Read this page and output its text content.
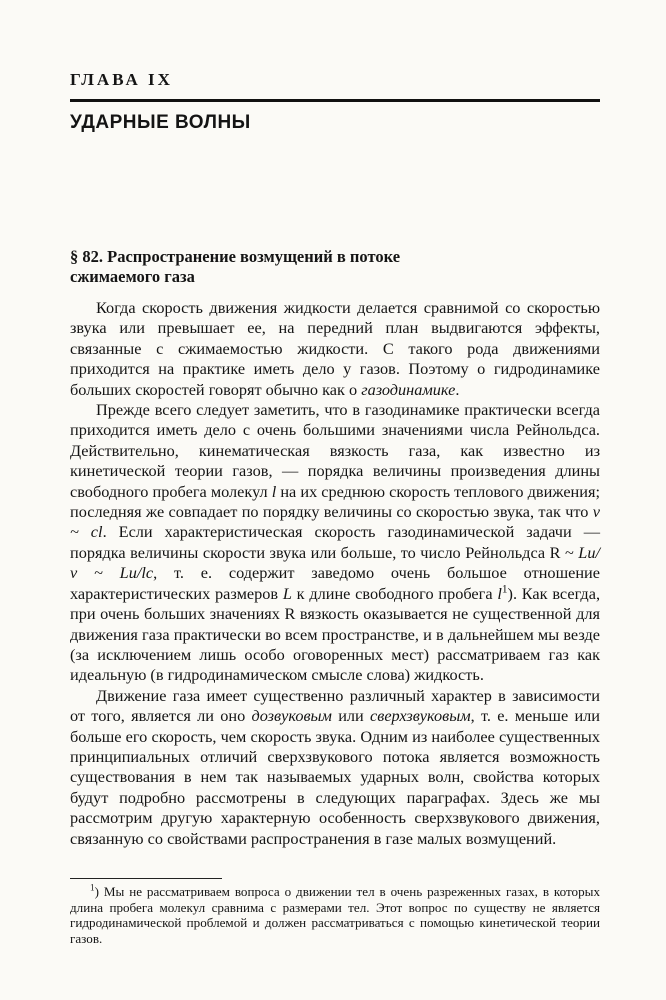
ГЛАВА IX
УДАРНЫЕ ВОЛНЫ
§ 82. Распространение возмущений в потоке сжимаемого газа

Когда скорость движения жидкости делается сравнимой со скоростью звука или превышает ее, на передний план выдвигаются эффекты, связанные с сжимаемостью жидкости. С такого рода движениями приходится на практике иметь дело у газов. Поэтому о гидродинамике больших скоростей говорят обычно как о газодинамике.

Прежде всего следует заметить, что в газодинамике практически всегда приходится иметь дело с очень большими значениями числа Рейнольдса. Действительно, кинематическая вязкость газа, как известно из кинетической теории газов, — порядка величины произведения длины свободного пробега молекул l на их среднюю скорость теплового движения; последняя же совпадает по порядку величины со скоростью звука, так что ν ~ cl. Если характеристическая скорость газодинамической задачи — порядка величины скорости звука или больше, то число Рейнольдса R ~ Lu/ν ~ Lu/lc, т. е. содержит заведомо очень большое отношение характеристических размеров L к длине свободного пробега $l^1$). Как всегда, при очень больших значениях R вязкость оказывается не существенной для движения газа практически во всем пространстве, и в дальнейшем мы везде (за исключением лишь особо оговоренных мест) рассматриваем газ как идеальную (в гидродинамическом смысле слова) жидкость.

Движение газа имеет существенно различный характер в зависимости от того, является ли оно дозвуковым или сверхзвуковым, т. е. меньше или больше его скорость, чем скорость звука. Одним из наиболее существенных принципиальных отличий сверхзвукового потока является возможность существования в нем так называемых ударных волн, свойства которых будут подробно рассмотрены в следующих параграфах. Здесь же мы рассмотрим другую характерную особенность сверхзвукового движения, связанную со свойствами распространения в газе малых возмущений.

$^1$) Мы не рассматриваем вопроса о движении тел в очень разреженных газах, в которых длина пробега молекул сравнима с размерами тел. Этот вопрос по существу не является гидродинамической проблемой и должен рассматриваться с помощью кинетической теории газов.
